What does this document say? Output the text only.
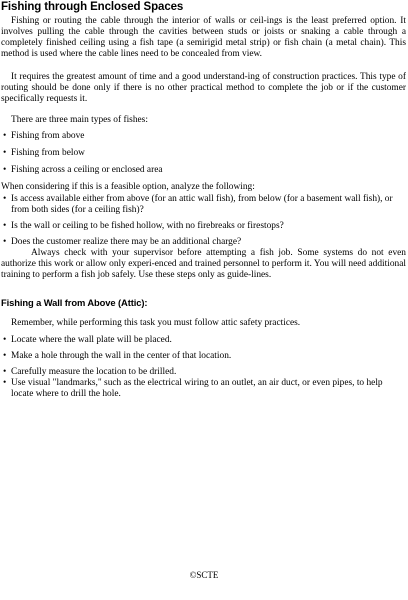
Fishing through Enclosed Spaces

Fishing or routing the cable through the interior of walls or ceil-ings is the least preferred option. It involves pulling the cable through the cavities between studs or joists or snaking a cable through a completely finished ceiling using a fish tape (a semirigid metal strip) or fish chain (a metal chain). This method is used where the cable lines need to be concealed from view.

It requires the greatest amount of time and a good understand-ing of construction practices. This type of routing should be done only if there is no other practical method to complete the job or if the customer specifically requests it.

There are three main types of fishes:

• Fishing from above
• Fishing from below
• Fishing across a ceiling or enclosed area

When considering if this is a feasible option, analyze the following:

• Is access available either from above (for an attic wall fish), from below (for a basement wall fish), or from both sides (for a ceiling fish)?
• Is the wall or ceiling to be fished hollow, with no firebreaks or firestops?
• Does the customer realize there may be an additional charge?

Always check with your supervisor before attempting a fish job. Some systems do not even authorize this work or allow only experi-enced and trained personnel to perform it. You will need additional training to perform a fish job safely. Use these steps only as guide-lines.

Fishing a Wall from Above (Attic):

Remember, while performing this task you must follow attic safety practices.

• Locate where the wall plate will be placed.
• Make a hole through the wall in the center of that location.
• Carefully measure the location to be drilled.
• Use visual "landmarks," such as the electrical wiring to an outlet, an air duct, or even pipes, to help locate where to drill the hole.
©SCTE
